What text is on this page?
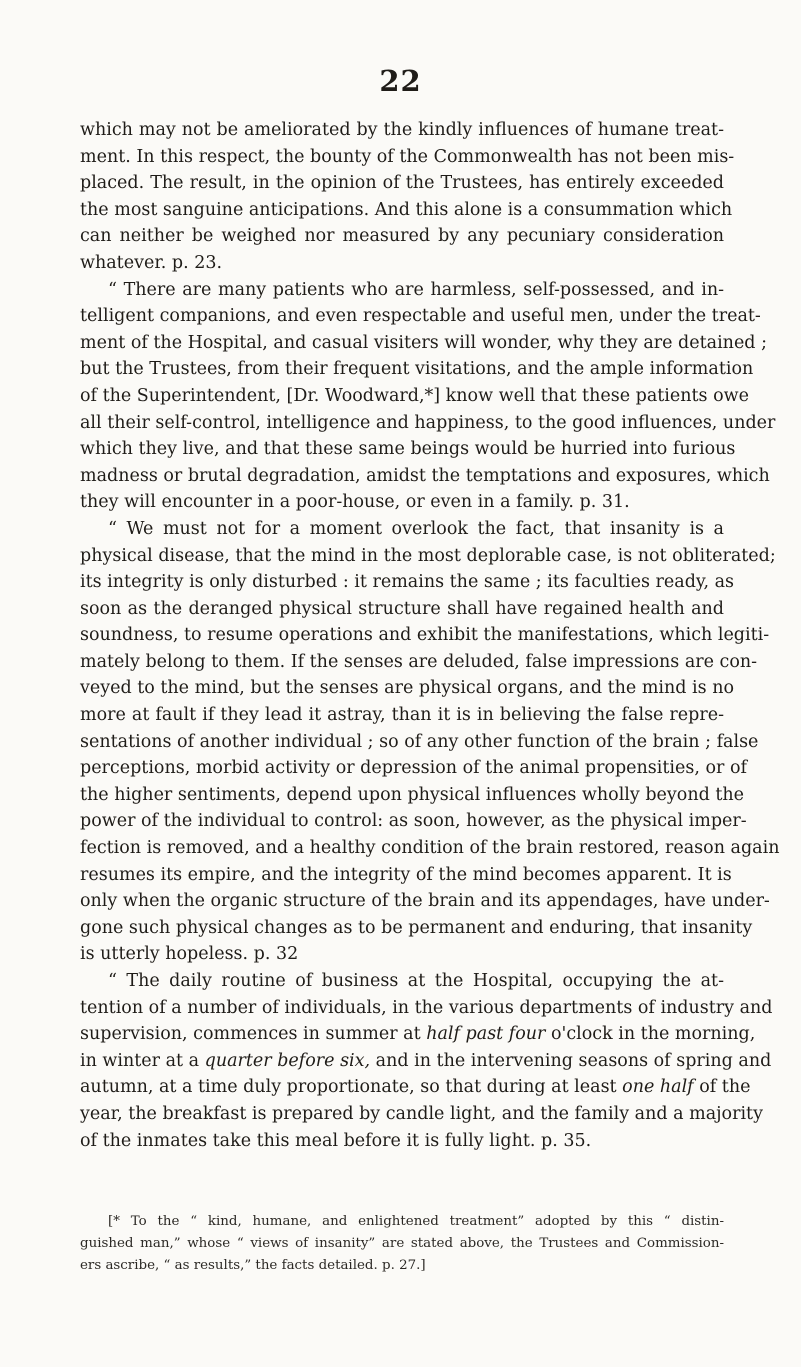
22
which may not be ameliorated by the kindly influences of humane treat-
ment. In this respect, the bounty of the Commonwealth has not been mis-
placed. The result, in the opinion of the Trustees, has entirely exceeded
the most sanguine anticipations. And this alone is a consummation which
can neither be weighed nor measured by any pecuniary consideration
whatever. p. 23.
“ There are many patients who are harmless, self-possessed, and in-
telligent companions, and even respectable and useful men, under the treat-
ment of the Hospital, and casual visiters will wonder, why they are detained ;
but the Trustees, from their frequent visitations, and the ample information
of the Superintendent, [Dr. Woodward,*] know well that these patients owe
all their self-control, intelligence and happiness, to the good influences, under
which they live, and that these same beings would be hurried into furious
madness or brutal degradation, amidst the temptations and exposures, which
they will encounter in a poor-house, or even in a family. p. 31.
“ We must not for a moment overlook the fact, that insanity is a
physical disease, that the mind in the most deplorable case, is not obliterated;
its integrity is only disturbed : it remains the same ; its faculties ready, as
soon as the deranged physical structure shall have regained health and
soundness, to resume operations and exhibit the manifestations, which legiti-
mately belong to them. If the senses are deluded, false impressions are con-
veyed to the mind, but the senses are physical organs, and the mind is no
more at fault if they lead it astray, than it is in believing the false repre-
sentations of another individual ; so of any other function of the brain ; false
perceptions, morbid activity or depression of the animal propensities, or of
the higher sentiments, depend upon physical influences wholly beyond the
power of the individual to control: as soon, however, as the physical imper-
fection is removed, and a healthy condition of the brain restored, reason again
resumes its empire, and the integrity of the mind becomes apparent. It is
only when the organic structure of the brain and its appendages, have under-
gone such physical changes as to be permanent and enduring, that insanity
is utterly hopeless. p. 32
“ The daily routine of business at the Hospital, occupying the at-
tention of a number of individuals, in the various departments of industry and
supervision, commences in summer at half past four o'clock in the morning,
in winter at a quarter before six, and in the intervening seasons of spring and
autumn, at a time duly proportionate, so that during at least one half of the
year, the breakfast is prepared by candle light, and the family and a majority
of the inmates take this meal before it is fully light. p. 35.
[* To the “ kind, humane, and enlightened treatment” adopted by this “ distin-
guished man,” whose “ views of insanity” are stated above, the Trustees and Commission-
ers ascribe, “ as results,” the facts detailed. p. 27.]
